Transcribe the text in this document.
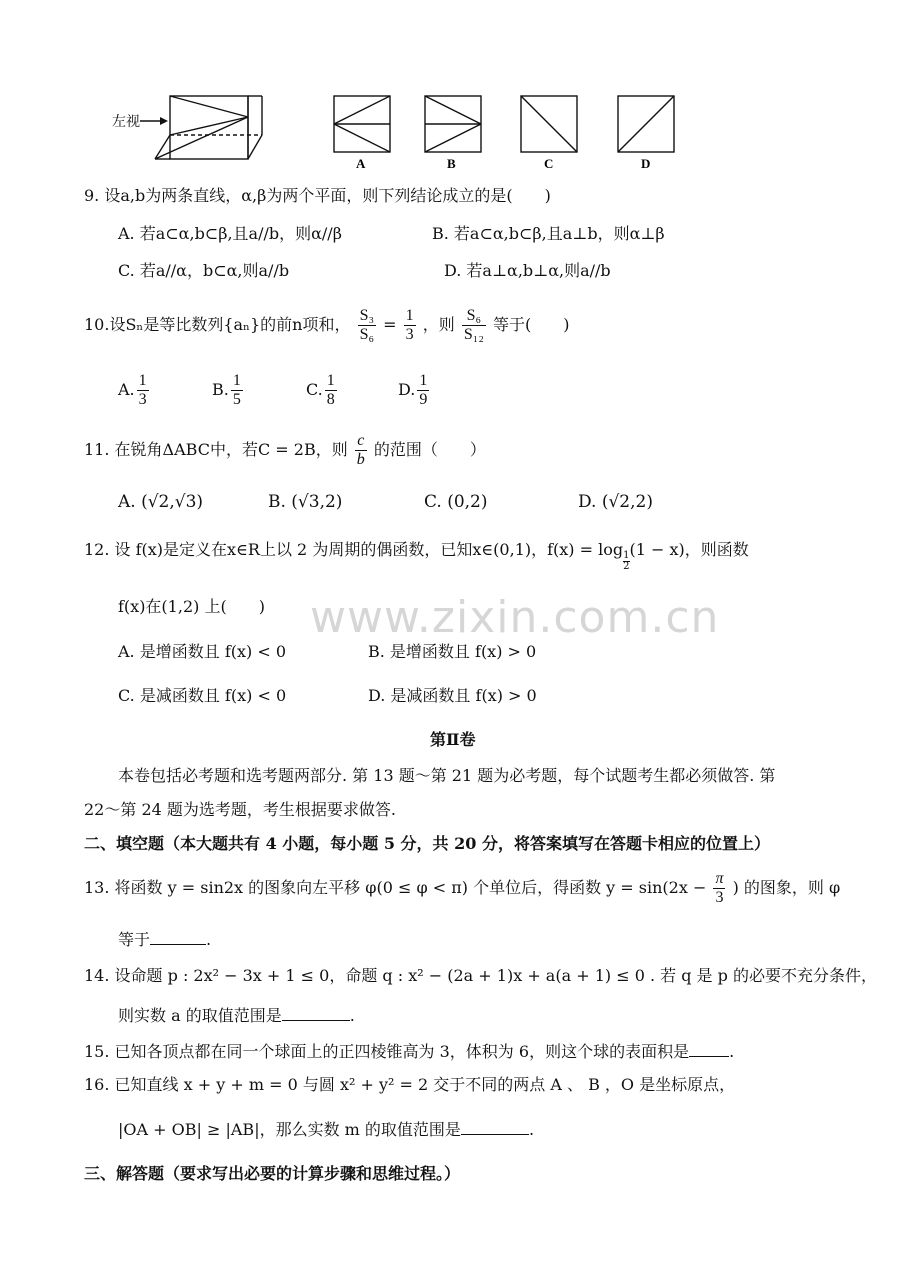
左视
A	B	C	D
9. 设a,b为两条直线，α,β为两个平面，则下列结论成立的是(　　)
A. 若a⊂α,b⊂β,且a//b，则α//β	B. 若a⊂α,b⊂β,且a⊥b，则α⊥β
C. 若a//α，b⊂α,则a//b	D. 若a⊥α,b⊥α,则a//b
10.设Sₙ是等比数列{aₙ}的前n项和， $\frac{\text{S₃}}{\text{S₆}} = \frac{1}{3}$ ，则 $\frac{\text{S₆}}{\text{S₁₂}}$ 等于(　　)
A. $\frac{1}{3}$	B. $\frac{1}{5}$	C. $\frac{1}{8}$	D. $\frac{1}{9}$
11. 在锐角ΔABC中，若C = 2B，则 $\frac{c}{b}$ 的范围（　　）
A. (√2,√3)	B. (√3,2)	C. (0,2)	D. (√2,2)
12. 设 f(x)是定义在x∈R上以 2 为周期的偶函数，已知x∈(0,1)，f(x) = log
$\frac{1}{2}$
(1 − x)，则函数
f(x)在(1,2) 上(　　)
A. 是增函数且 f(x) < 0	B. 是增函数且 f(x) > 0
C. 是减函数且 f(x) < 0	D. 是减函数且 f(x) > 0
www.zixin.com.cn
第Ⅱ卷
本卷包括必考题和选考题两部分. 第 13 题～第 21 题为必考题，每个试题考生都必须做答. 第
22～第 24 题为选考题，考生根据要求做答.
二、填空题（本大题共有 4 小题，每小题 5 分，共 20 分，将答案填写在答题卡相应的位置上）
13. 将函数 y = sin2x 的图象向左平移 φ(0 ≤ φ < π) 个单位后，得函数 $y = \sin(2x - \frac{\pi}{3}$ ) 的图象，则 φ
等于	.
14. 设命题 p : 2x² − 3x + 1 ≤ 0，命题 q : x² − (2a + 1)x + a(a + 1) ≤ 0 . 若 q 是 p 的必要不充分条件，
则实数 a 的取值范围是	.
15. 已知各顶点都在同一个球面上的正四棱锥高为 3，体积为 6，则这个球的表面积是	.
16. 已知直线 x + y + m = 0 与圆 x² + y² = 2 交于不同的两点 A 、 B ，O 是坐标原点，
|OA + OB| ≥ |AB|，那么实数 m 的取值范围是	.
三、解答题（要求写出必要的计算步骤和思维过程。）
